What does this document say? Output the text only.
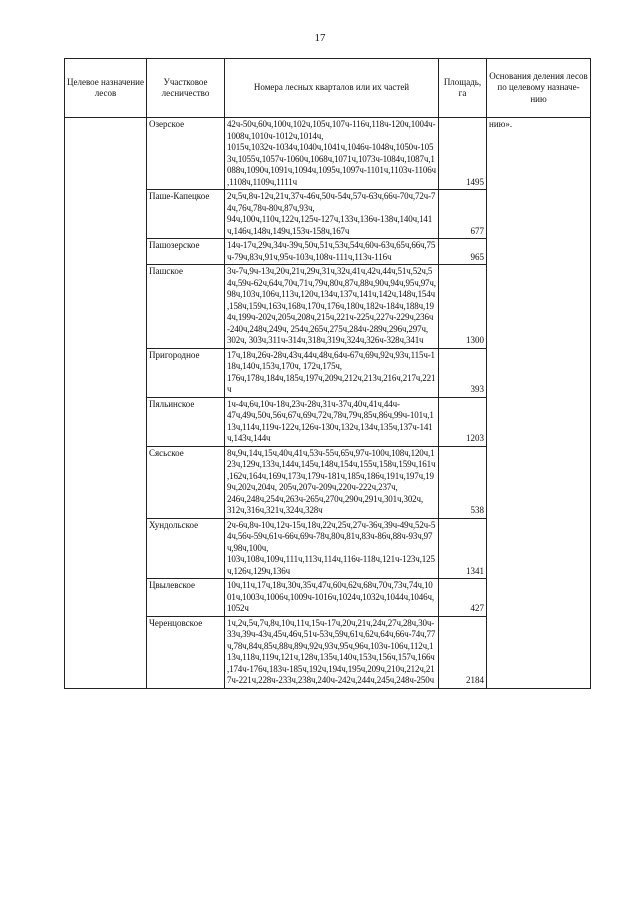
17
Целевое назначение лесов	Участковое лесничество	Номера лесных кварталов или их частей	Площадь, га	Основания деления лесов по целевому назначе- нию
	Озерское	42ч-50ч,60ч,100ч,102ч,105ч,107ч-116ч,118ч-120ч,1004ч-1008ч,1010ч-1012ч,1014ч, 1015ч,1032ч-1034ч,1040ч,1041ч,1046ч-1048ч,1050ч-1053ч,1055ч,1057ч-1060ч,1068ч,1071ч,1073ч-1084ч,1087ч,1088ч,1090ч,1091ч,1094ч,1095ч,1097ч-1101ч,1103ч-1106ч,1108ч,1109ч,1111ч	1495	нию».
	Паше-Капецкое	2ч,5ч,8ч-12ч,21ч,37ч-46ч,50ч-54ч,57ч-63ч,66ч-70ч,72ч-74ч,76ч,78ч-80ч,87ч,93ч, 94ч,100ч,110ч,122ч,125ч-127ч,133ч,136ч-138ч,140ч,141ч,146ч,148ч,149ч,153ч-158ч,167ч	677	
	Пашозерское	14ч-17ч,29ч,34ч-39ч,50ч,51ч,53ч,54ч,60ч-63ч,65ч,66ч,75ч-79ч,83ч,91ч,95ч-103ч,108ч-111ч,113ч-116ч	965	
	Пашское	3ч-7ч,9ч-13ч,20ч,21ч,29ч,31ч,32ч,41ч,42ч,44ч,51ч,52ч,54ч,59ч-62ч,64ч,70ч,71ч,79ч,80ч,87ч,88ч,90ч,94ч,95ч,97ч,98ч,103ч,106ч,113ч,120ч,134ч,137ч,141ч,142ч,148ч,154ч,158ч,159ч,163ч,168ч,170ч,176ч,180ч,182ч-184ч,188ч,194ч,199ч-202ч,205ч,208ч,215ч,221ч-225ч,227ч-229ч,236ч-240ч,248ч,249ч, 254ч,265ч,275ч,284ч-289ч,296ч,297ч, 302ч, 303ч,311ч-314ч,318ч,319ч,324ч,326ч-328ч,341ч	1300	
	Пригородное	17ч,18ч,26ч-28ч,43ч,44ч,48ч,64ч-67ч,69ч,92ч,93ч,115ч-118ч,140ч,153ч,170ч, 172ч,175ч, 176ч,178ч,184ч,185ч,197ч,209ч,212ч,213ч,216ч,217ч,221ч	393	
	Пяльинское	1ч-4ч,6ч,10ч-18ч,23ч-28ч,31ч-37ч,40ч,41ч,44ч- 47ч,49ч,50ч,56ч,67ч,69ч,72ч,78ч,79ч,85ч,86ч,99ч-101ч,113ч,114ч,119ч-122ч,126ч-130ч,132ч,134ч,135ч,137ч-141ч,143ч,144ч	1203	
	Сясьское	8ч,9ч,14ч,15ч,40ч,41ч,53ч-55ч,65ч,97ч-100ч,108ч,120ч,123ч,129ч,133ч,144ч,145ч,148ч,154ч,155ч,158ч,159ч,161ч,162ч,164ч,169ч,173ч,179ч-181ч,185ч,186ч,191ч,197ч,199ч,202ч,204ч, 205ч,207ч-209ч,220ч-222ч,237ч, 246ч,248ч,254ч,263ч-265ч,270ч,290ч,291ч,301ч,302ч, 312ч,316ч,321ч,324ч,328ч	538	
	Хундольское	2ч-6ч,8ч-10ч,12ч-15ч,18ч,22ч,25ч,27ч-36ч,39ч-49ч,52ч-54ч,56ч-59ч,61ч-66ч,69ч-78ч,80ч,81ч,83ч-86ч,88ч-93ч,97ч,98ч,100ч, 103ч,108ч,109ч,111ч,113ч,114ч,116ч-118ч,121ч-123ч,125ч,126ч,129ч,136ч	1341	
	Цвылевское	10ч,11ч,17ч,18ч,30ч,35ч,47ч,60ч,62ч,68ч,70ч,73ч,74ч,1001ч,1003ч,1006ч,1009ч-1016ч,1024ч,1032ч,1044ч,1046ч,1052ч	427	
	Черенцовское	1ч,2ч,5ч,7ч,8ч,10ч,11ч,15ч-17ч,20ч,21ч,24ч,27ч,28ч,30ч-33ч,39ч-43ч,45ч,46ч,51ч-53ч,59ч,61ч,62ч,64ч,66ч-74ч,77ч,78ч,84ч,85ч,88ч,89ч,92ч,93ч,95ч,96ч,103ч-106ч,112ч,113ч,118ч,119ч,121ч,128ч,135ч,140ч,153ч,156ч,157ч,166ч,174ч-176ч,183ч-185ч,192ч,194ч,195ч,209ч,210ч,212ч,217ч-221ч,228ч-233ч,238ч,240ч-242ч,244ч,245ч,248ч-250ч	2184	
